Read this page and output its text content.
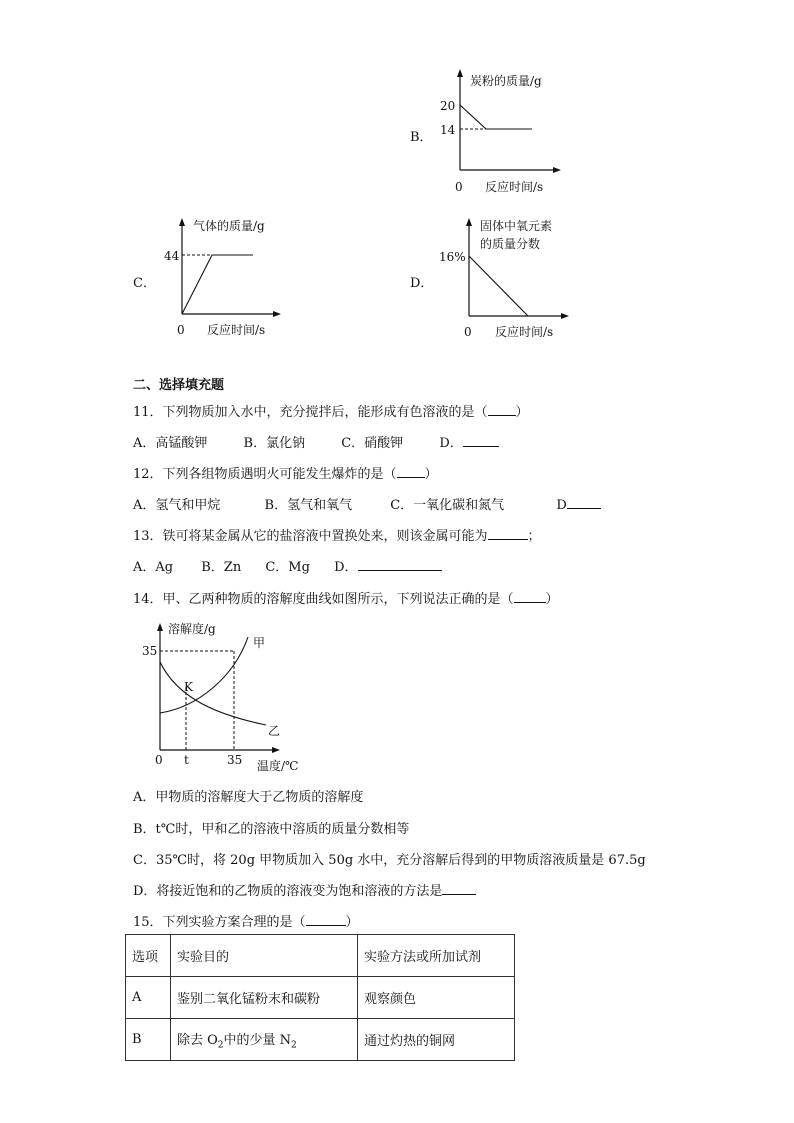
B．
炭粉的质量/g
20
14
0 反应时间/s
C．
气体的质量/g
44
0 反应时间/s
D．
固体中氧元素
的质量分数
16%
0 反应时间/s
二、选择填充题
11．下列物质加入水中，充分搅拌后，能形成有色溶液的是（ ）
A．高锰酸钾	B．氯化钠	C．硝酸钾	D．
12．下列各组物质遇明火可能发生爆炸的是（ ）
A．氢气和甲烷	B．氢气和氧气	C．一氧化碳和氮气	D
13．铁可将某金属从它的盐溶液中置换处来，则该金属可能为	；
A．Ag B．Zn C．Mg D．
14．甲、乙两种物质的溶解度曲线如图所示，下列说法正确的是（ ）
溶解度/g
35
甲
乙
K
0 t	35 温度/℃
A．甲物质的溶解度大于乙物质的溶解度
B．t℃时，甲和乙的溶液中溶质的质量分数相等
C．35℃时，将 20g 甲物质加入 50g 水中，充分溶解后得到的甲物质溶液质量是 67.5g
D．将接近饱和的乙物质的溶液变为饱和溶液的方法是
15．下列实验方案合理的是（	）
选项	实验目的	实验方法或所加试剂
A	鉴别二氧化锰粉末和碳粉	观察颜色
B	除去 $O_2$中的少量 $N_2$	通过灼热的铜网
